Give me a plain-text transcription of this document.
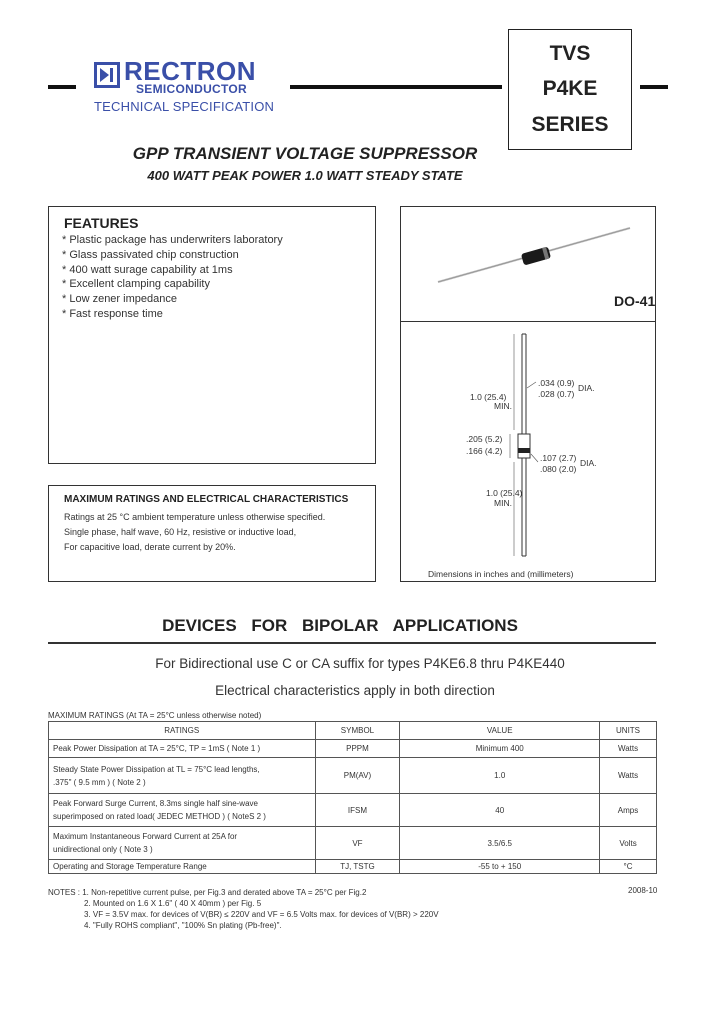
RECTRON
SEMICONDUCTOR
TECHNICAL SPECIFICATION
TVS
P4KE
SERIES
GPP TRANSIENT VOLTAGE SUPPRESSOR
400 WATT PEAK POWER 1.0 WATT STEADY STATE
FEATURES
* Plastic package has underwriters laboratory
* Glass passivated chip construction
* 400 watt surage capability at 1ms
* Excellent clamping capability
* Low zener impedance
* Fast response time
MAXIMUM RATINGS AND ELECTRICAL CHARACTERISTICS
Ratings at 25 °C ambient temperature unless otherwise specified.
Single phase, half wave, 60 Hz, resistive or inductive load,
For capacitive load, derate current by 20%.
DO-41
1.0 (25.4)
MIN.
.034 (0.9)
.028 (0.7)
DIA.
.205 (5.2)
.166 (4.2)
.107 (2.7)
.080 (2.0)
DIA.
1.0 (25.4)
MIN.
Dimensions in inches and (millimeters)
DEVICES FOR BIPOLAR APPLICATIONS
For Bidirectional use C or CA suffix for types P4KE6.8 thru P4KE440
Electrical characteristics apply in both direction
MAXIMUM RATINGS (At TA = 25°C unless otherwise noted)
RATINGS	SYMBOL	VALUE	UNITS

Peak Power Dissipation at TA = 25°C, TP = 1mS ( Note 1 )	PPPM	Minimum 400	Watts

Steady State Power Dissipation at TL = 75°C lead lengths,
.375" ( 9.5 mm ) ( Note 2 )	PM(AV)	1.0	Watts

Peak Forward Surge Current, 8.3ms single half sine-wave
superimposed on rated load( JEDEC METHOD ) ( NoteS 2 )	IFSM	40	Amps

Maximum Instantaneous Forward Current at 25A for
unidirectional only ( Note 3 )	VF	3.5/6.5	Volts

Operating and Storage Temperature Range	TJ, TSTG	-55 to + 150	°C
2008-10
NOTES : 1. Non-repetitive current pulse, per Fig.3 and derated above TA = 25°C per Fig.2
2. Mounted on 1.6 X 1.6" ( 40 X 40mm ) per Fig. 5
3. VF = 3.5V max. for devices of V(BR) ≤ 220V and VF = 6.5 Volts max. for devices of V(BR) > 220V
4. "Fully ROHS compliant", "100% Sn plating (Pb-free)".
